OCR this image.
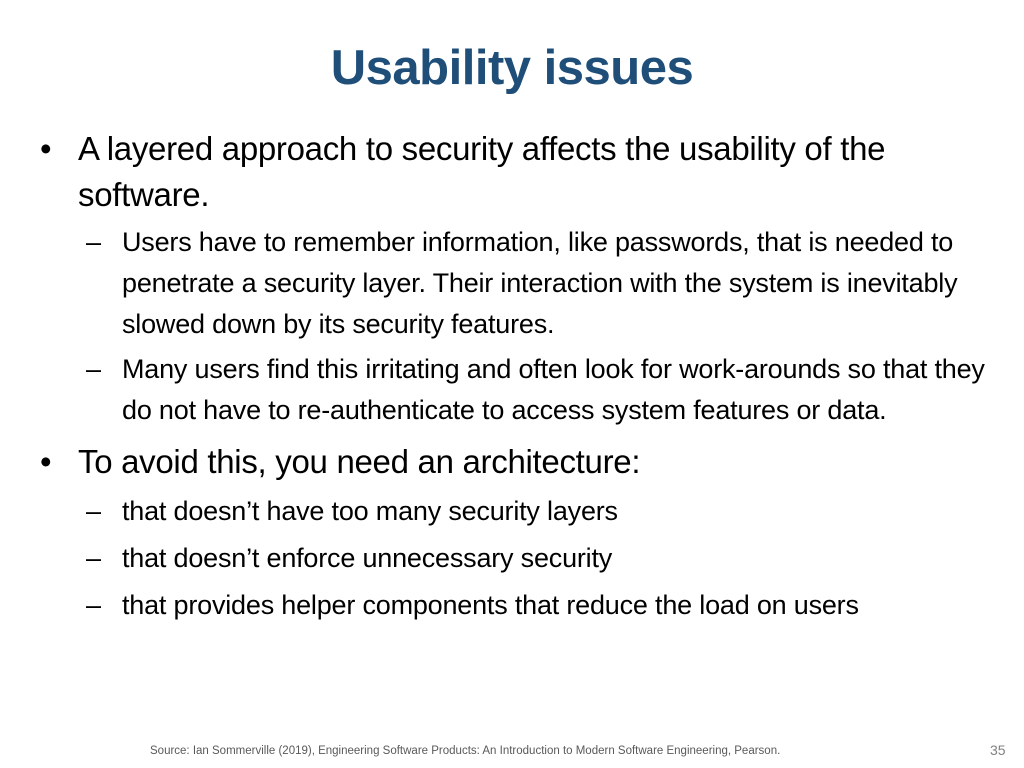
Usability issues
• A layered approach to security affects the usability of the software.
– Users have to remember information, like passwords, that is needed to penetrate a security layer. Their interaction with the system is inevitably slowed down by its security features.
– Many users find this irritating and often look for work-arounds so that they do not have to re-authenticate to access system features or data.
• To avoid this, you need an architecture:
– that doesn’t have too many security layers
– that doesn’t enforce unnecessary security
– that provides helper components that reduce the load on users
Source: Ian Sommerville (2019), Engineering Software Products: An Introduction to Modern Software Engineering, Pearson.	35
